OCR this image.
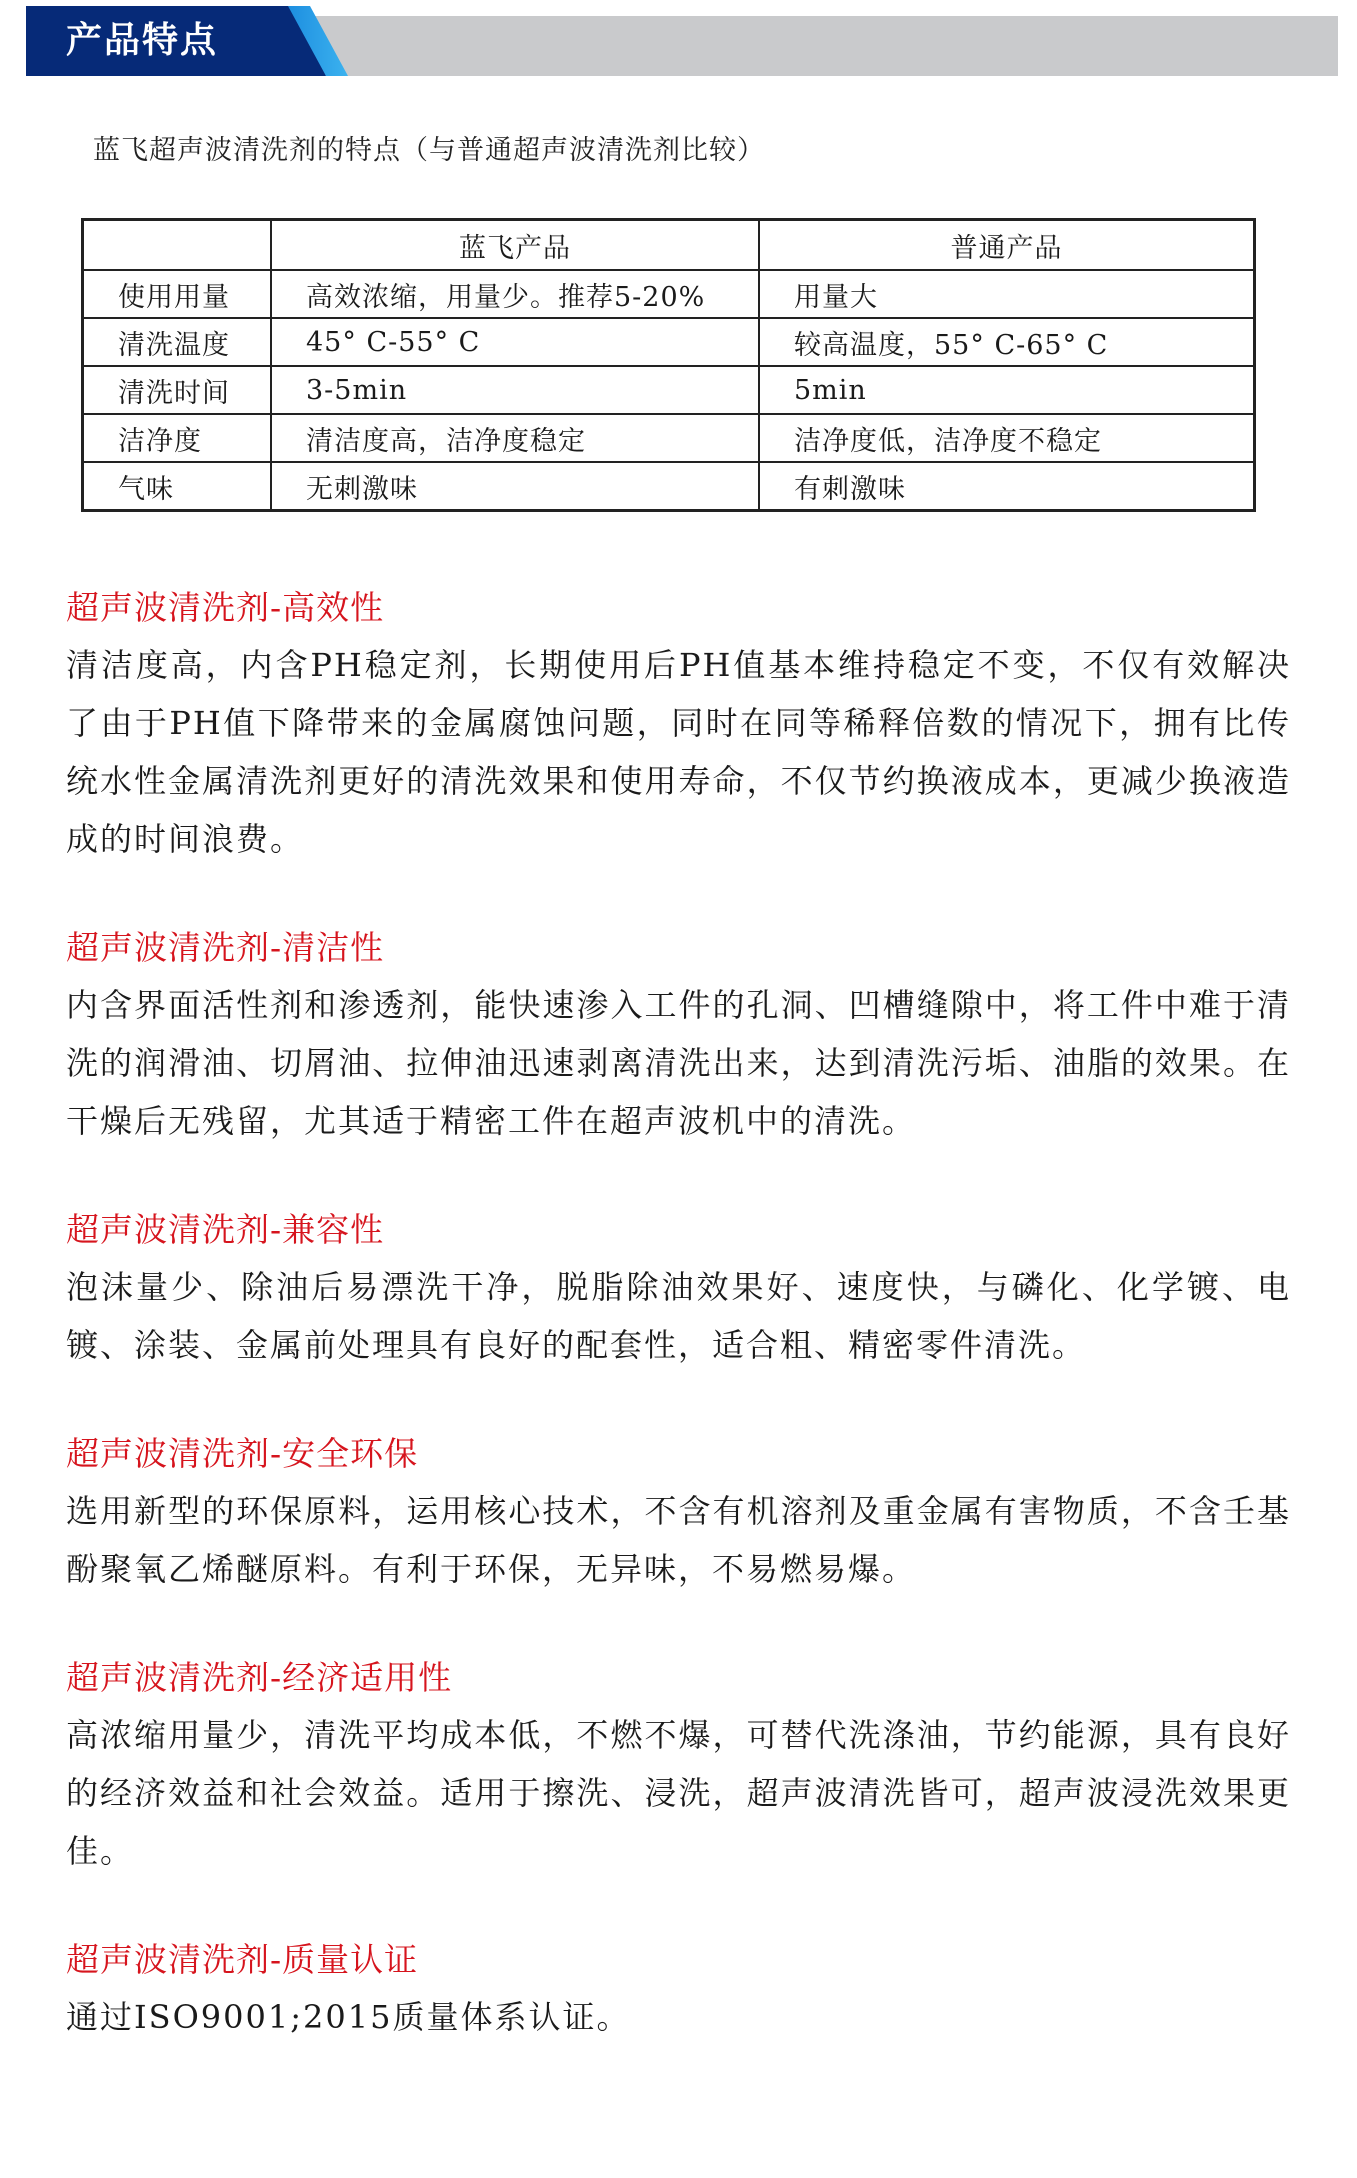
产品特点
蓝飞超声波清洗剂的特点（与普通超声波清洗剂比较）
	蓝飞产品	普通产品
使用用量	高效浓缩，用量少。推荐5-20%	用量大
清洗温度	45° C-55° C	较高温度，55° C-65° C
清洗时间	3-5min	5min
洁净度	清洁度高，洁净度稳定	洁净度低，洁净度不稳定
气味	无刺激味	有刺激味
超声波清洗剂-高效性

清洁度高，内含PH稳定剂，长期使用后PH值基本维持稳定不变，不仅有效解决了由于PH值下降带来的金属腐蚀问题，同时在同等稀释倍数的情况下，拥有比传统水性金属清洗剂更好的清洗效果和使用寿命，不仅节约换液成本，更减少换液造成的时间浪费。

超声波清洗剂-清洁性

内含界面活性剂和渗透剂，能快速渗入工件的孔洞、凹槽缝隙中，将工件中难于清洗的润滑油、切屑油、拉伸油迅速剥离清洗出来，达到清洗污垢、油脂的效果。在干燥后无残留，尤其适于精密工件在超声波机中的清洗。

超声波清洗剂-兼容性

泡沫量少、除油后易漂洗干净，脱脂除油效果好、速度快，与磷化、化学镀、电镀、涂装、金属前处理具有良好的配套性，适合粗、精密零件清洗。

超声波清洗剂-安全环保

选用新型的环保原料，运用核心技术，不含有机溶剂及重金属有害物质，不含壬基酚聚氧乙烯醚原料。有利于环保，无异味，不易燃易爆。

超声波清洗剂-经济适用性

高浓缩用量少，清洗平均成本低，不燃不爆，可替代洗涤油，节约能源，具有良好的经济效益和社会效益。适用于擦洗、浸洗，超声波清洗皆可，超声波浸洗效果更佳。

超声波清洗剂-质量认证

通过ISO9001;2015质量体系认证。
